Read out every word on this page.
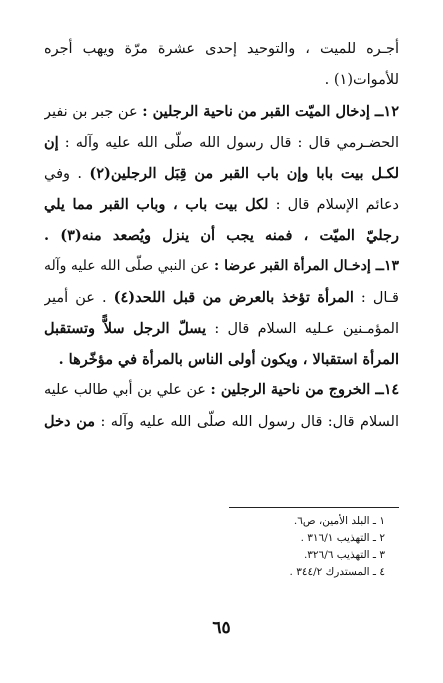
أجـره للميت ، والتوحيد إحدى عشرة مرّة ويهب أجره
للأموات(١) .
١٢ــ إدخال الميّت القبر من ناحية الرجلين : عن جبر بن نفير
الحضـرمي قال : قال رسول الله صلّى الله عليه وآله : إن
لكـل بيت بابا وإن باب القبر من قِبَل الرجلين(٢) . وفي
دعائم الإسلام قال : لكل بيت باب ، وباب القبر مما يلي
رجليّ الميّت ، فمنه يجب أن ينزل ويُصعد منه(٣) .
١٣ــ إدخـال المرأة القبر عرضا : عن النبي صلّى الله عليه وآله
قـال : المرأة تؤخذ بالعرض من قبل اللحد(٤) . عن أمير
المؤمـنين عـليه السلام قال : يسلّ الرجل سلاًّ وتستقبل
المرأة استقبالا ، ويكون أولى الناس بالمرأة في مؤخّرها .
١٤ــ الخروج من ناحية الرجلين : عن علي بن أبي طالب عليه
السلام قال: قال رسول الله صلّى الله عليه وآله : من دخل
١ ـ البلد الأمين، ص٦.
٢ ـ التهذيب ٣١٦/١ .
٣ ـ التهذيب ٣٢٦/٦.
٤ ـ المستدرك ٣٤٤/٢ .
٦٥
